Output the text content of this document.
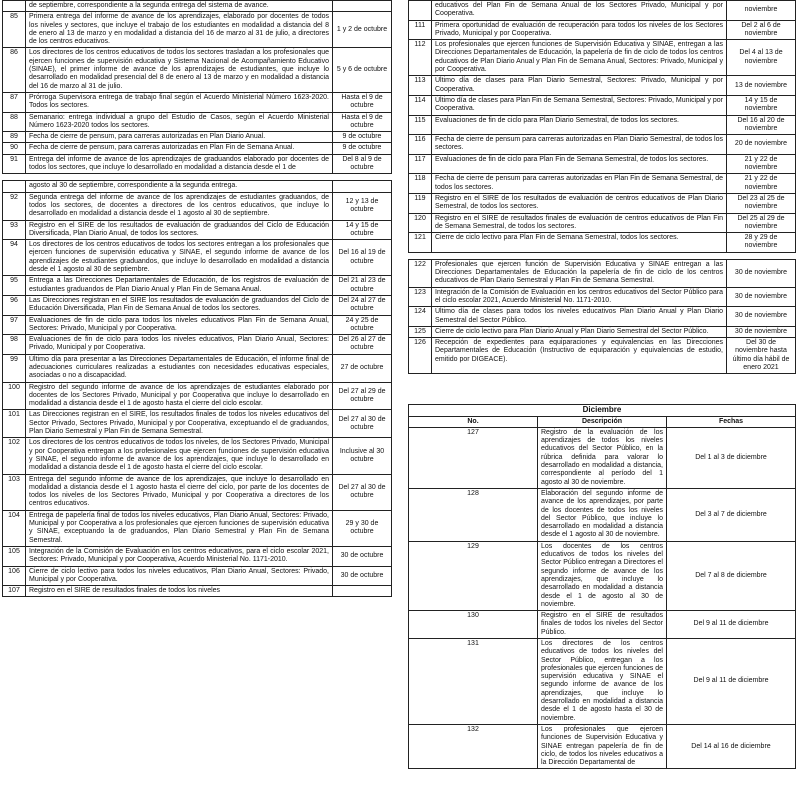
	de septiembre, correspondiente a la segunda entrega del sistema de avance.	
85	Primera entrega del informe de avance de los aprendizajes, elaborado por docentes de todos los niveles y sectores, que incluye el trabajo de los estudiantes en modalidad a distancia del 8 de enero al 13 de marzo y en modalidad a distancia del 16 de marzo al 31 de julio, a directores de los centros educativos.	1 y 2 de octubre
86	Los directores de los centros educativos de todos los sectores trasladan a los profesionales que ejercen funciones de supervisión educativa y Sistema Nacional de Acompañamiento Educativo (SINAE), el primer informe de avance de los aprendizajes de estudiantes, que incluye lo desarrollado en modalidad presencial del 8 de enero al 13 de marzo y en modalidad a distancia del 16 de marzo al 31 de julio.	5 y 6 de octubre
87	Prórroga Supervisora entrega de trabajo final según el Acuerdo Ministerial Número 1623-2020. Todos los sectores.	Hasta el 9 de octubre
88	Semanario: entrega individual a grupo del Estudio de Casos, según el Acuerdo Ministerial Número 1623-2020 todos los sectores.	Hasta el 9 de octubre
89	Fecha de cierre de pensum, para carreras autorizadas en Plan Diario Anual.	9 de octubre
90	Fecha de cierre de pensum, para carreras autorizadas en Plan Fin de Semana Anual.	9 de octubre
91	Entrega del informe de avance de los aprendizajes de graduandos elaborado por docentes de todos los sectores, que incluye lo desarrollado en modalidad a distancia desde el 1 de	Del 8 al 9 de octubre
	agosto al 30 de septiembre, correspondiente a la segunda entrega.	
92	Segunda entrega del informe de avance de los aprendizajes de estudiantes graduandos, de todos los sectores, de docentes a directores de los centros educativos, que incluye lo desarrollado en modalidad a distancia desde el 1 agosto al 30 de septiembre.	12 y 13 de octubre
93	Registro en el SIRE de los resultados de evaluación de graduandos del Ciclo de Educación Diversificada, Plan Diario Anual, de todos los sectores.	14 y 15 de octubre
94	Los directores de los centros educativos de todos los sectores entregan a los profesionales que ejercen funciones de supervisión educativa y SINAE, el segundo informe de avance de los aprendizajes de estudiantes graduandos, que incluye lo desarrollado en modalidad a distancia desde el 1 agosto al 30 de septiembre.	Del 16 al 19 de octubre
95	Entrega a las Direcciones Departamentales de Educación, de los registros de evaluación de estudiantes graduandos de Plan Diario Anual y Plan Fin de Semana Anual.	Del 21 al 23 de octubre
96	Las Direcciones registran en el SIRE los resultados de evaluación de graduandos del Ciclo de Educación Diversificada, Plan Fin de Semana Anual de todos los sectores.	Del 24 al 27 de octubre
97	Evaluaciones de fin de ciclo para todos los niveles educativos Plan Fin de Semana Anual, Sectores: Privado, Municipal y por Cooperativa.	24 y 25 de octubre
98	Evaluaciones de fin de ciclo para todos los niveles educativos, Plan Diario Anual, Sectores: Privado, Municipal y por Cooperativa.	Del 26 al 27 de octubre
99	Último día para presentar a las Direcciones Departamentales de Educación, el informe final de adecuaciones curriculares realizadas a estudiantes con necesidades educativas especiales, asociadas o no a discapacidad.	27 de octubre
100	Registro del segundo informe de avance de los aprendizajes de estudiantes elaborado por docentes de los Sectores Privado, Municipal y por Cooperativa que incluye lo desarrollado en modalidad a distancia desde el 1 de agosto hasta el cierre del ciclo escolar.	Del 27 al 29 de octubre
101	Las Direcciones registran en el SIRE, los resultados finales de todos los niveles educativos del Sector Privado, Sectores Privado, Municipal y por Cooperativa, exceptuando el de graduandos, Plan Diario Semestral y Plan Fin de Semana Semestral.	Del 27 al 30 de octubre
102	Los directores de los centros educativos de todos los niveles, de los Sectores Privado, Municipal y por Cooperativa entregan a los profesionales que ejercen funciones de supervisión educativa y SINAE, el segundo informe de avance de los aprendizajes, que incluye lo desarrollado en modalidad a distancia desde el 1 de agosto hasta el cierre del ciclo escolar.	Inclusive al 30 octubre
103	Entrega del segundo informe de avance de los aprendizajes, que incluye lo desarrollado en modalidad a distancia desde el 1 agosto hasta el cierre del ciclo, por parte de los docentes de todos los niveles de los Sectores Privado, Municipal y por Cooperativa a directores de los centros educativos.	Del 27 al 30 de octubre
104	Entrega de papelería final de todos los niveles educativos, Plan Diario Anual, Sectores: Privado, Municipal y por Cooperativa a los profesionales que ejercen funciones de supervisión educativa y SINAE, exceptuando la de graduandos, Plan Diario Semestral y Plan Fin de Semana Semestral.	29 y 30 de octubre
105	Integración de la Comisión de Evaluación en los centros educativos, para el ciclo escolar 2021, Sectores: Privado, Municipal y por Cooperativa, Acuerdo Ministerial No. 1171-2010.	30 de octubre
106	Cierre de ciclo lectivo para todos los niveles educativos, Plan Diario Anual, Sectores: Privado, Municipal y por Cooperativa.	30 de octubre
107	Registro en el SIRE de resultados finales de todos los niveles	
	educativos del Plan Fin de Semana Anual de los Sectores Privado, Municipal y por Cooperativa.	noviembre
111	Primera oportunidad de evaluación de recuperación para todos los niveles de los Sectores Privado, Municipal y por Cooperativa.	Del 2 al 6 de noviembre
112	Los profesionales que ejercen funciones de Supervisión Educativa y SINAE, entregan a las Direcciones Departamentales de Educación, la papelería de fin de ciclo de todos los centros educativos de Plan Diario Anual y Plan Fin de Semana Anual, Sectores: Privado, Municipal y por Cooperativa.	Del 4 al 13 de noviembre
113	Último día de clases para Plan Diario Semestral, Sectores: Privado, Municipal y por Cooperativa.	13 de noviembre
114	Último día de clases para Plan Fin de Semana Semestral, Sectores: Privado, Municipal y por Cooperativa.	14 y 15 de noviembre
115	Evaluaciones de fin de ciclo para Plan Diario Semestral, de todos los sectores.	Del 16 al 20 de noviembre
116	Fecha de cierre de pensum para carreras autorizadas en Plan Diario Semestral, de todos los sectores.	20 de noviembre
117	Evaluaciones de fin de ciclo para Plan Fin de Semana Semestral, de todos los sectores.	21 y 22 de noviembre
118	Fecha de cierre de pensum para carreras autorizadas en Plan Fin de Semana Semestral, de todos los sectores.	21 y 22 de noviembre
119	Registro en el SIRE de los resultados de evaluación de centros educativos de Plan Diario Semestral, de todos los sectores.	Del 23 al 25 de noviembre
120	Registro en el SIRE de resultados finales de evaluación de centros educativos de Plan Fin de Semana Semestral, de todos los sectores.	Del 25 al 29 de noviembre
121	Cierre de ciclo lectivo para Plan Fin de Semana Semestral, todos los sectores.	28 y 29 de noviembre
122	Profesionales que ejercen función de Supervisión Educativa y SINAE entregan a las Direcciones Departamentales de Educación la papelería de fin de ciclo de los centros educativos de Plan Diario Semestral y Plan Fin de Semana Semestral.	30 de noviembre
123	Integración de la Comisión de Evaluación en los centros educativos del Sector Público para el ciclo escolar 2021, Acuerdo Ministerial No. 1171-2010.	30 de noviembre
124	Último día de clases para todos los niveles educativos Plan Diario Anual y Plan Diario Semestral del Sector Público.	30 de noviembre
125	Cierre de ciclo lectivo para Plan Diario Anual y Plan Diario Semestral del Sector Público.	30 de noviembre
126	Recepción de expedientes para equiparaciones y equivalencias en las Direcciones Departamentales de Educación (Instructivo de equiparación y equivalencias de estudio, emitido por DIGEACE).	Del 30 de noviembre hasta último día hábil de enero 2021
Diciembre		
No.	Descripción	Fechas
127	Registro de la evaluación de los aprendizajes de todos los niveles educativos del Sector Público, en la rúbrica definida para valorar lo desarrollado en modalidad a distancia, correspondiente al período del 1 agosto al 30 de noviembre.	Del 1 al 3 de diciembre
128	Elaboración del segundo informe de avance de los aprendizajes, por parte de los docentes de todos los niveles del Sector Público, que incluye lo desarrollado en modalidad a distancia desde el 1 agosto al 30 de noviembre.	Del 3 al 7 de diciembre
129	Los docentes de los centros educativos de todos los niveles del Sector Público entregan a Directores el segundo informe de avance de los aprendizajes, que incluye lo desarrollado en modalidad a distancia desde el 1 de agosto al 30 de noviembre.	Del 7 al 8 de diciembre
130	Registro en el SIRE de resultados finales de todos los niveles del Sector Público.	Del 9 al 11 de diciembre
131	Los directores de los centros educativos de todos los niveles del Sector Público, entregan a los profesionales que ejercen funciones de supervisión educativa y SINAE el segundo informe de avance de los aprendizajes, que incluye lo desarrollado en modalidad a distancia desde el 1 de agosto hasta el 30 de noviembre.	Del 9 al 11 de diciembre
132	Los profesionales que ejercen funciones de Supervisión Educativa y SINAE entregan papelería de fin de ciclo, de todos los niveles educativos a la Dirección Departamental de	Del 14 al 16 de diciembre
